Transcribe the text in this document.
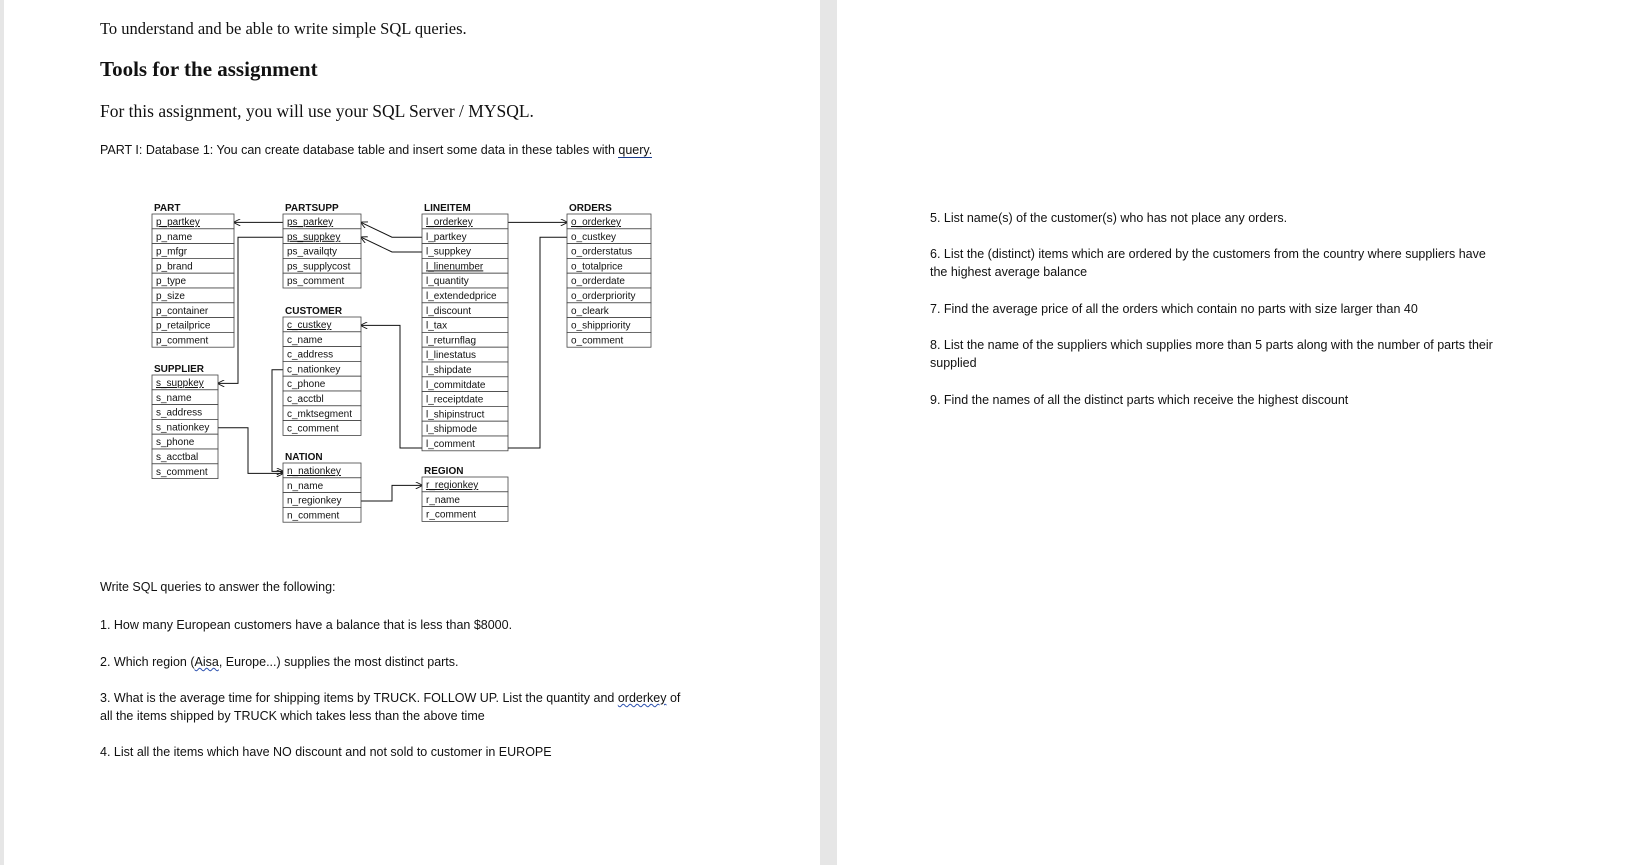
To understand and be able to write simple SQL queries.
Tools for the assignment
For this assignment, you will use your SQL Server / MYSQL.
PART I: Database 1: You can create database table and insert some data in these tables with query.
PART
p_partkey
p_name
p_mfgr
p_brand
p_type
p_size
p_container
p_retailprice
p_comment
PARTSUPP
ps_parkey
ps_suppkey
ps_availqty
ps_supplycost
ps_comment
LINEITEM
l_orderkey
l_partkey
l_suppkey
l_linenumber
l_quantity
l_extendedprice
l_discount
l_tax
l_returnflag
l_linestatus
l_shipdate
l_commitdate
l_receiptdate
l_shipinstruct
l_shipmode
l_comment
ORDERS
o_orderkey
o_custkey
o_orderstatus
o_totalprice
o_orderdate
o_orderpriority
o_cleark
o_shippriority
o_comment
CUSTOMER
c_custkey
c_name
c_address
c_nationkey
c_phone
c_acctbl
c_mktsegment
c_comment
SUPPLIER
s_suppkey
s_name
s_address
s_nationkey
s_phone
s_acctbal
s_comment
NATION
n_nationkey
n_name
n_regionkey
n_comment
REGION
r_regionkey
r_name
r_comment
Write SQL queries to answer the following:
1. How many European customers have a balance that is less than $8000.
2. Which region (Aisa, Europe...) supplies the most distinct parts.
3. What is the average time for shipping items by TRUCK. FOLLOW UP. List the quantity and orderkey of
all the items shipped by TRUCK which takes less than the above time
4. List all the items which have NO discount and not sold to customer in EUROPE
5. List name(s) of the customer(s) who has not place any orders.
6. List the (distinct) items which are ordered by the customers from the country where suppliers have
the highest average balance
7. Find the average price of all the orders which contain no parts with size larger than 40
8. List the name of the suppliers which supplies more than 5 parts along with the number of parts their
supplied
9. Find the names of all the distinct parts which receive the highest discount
